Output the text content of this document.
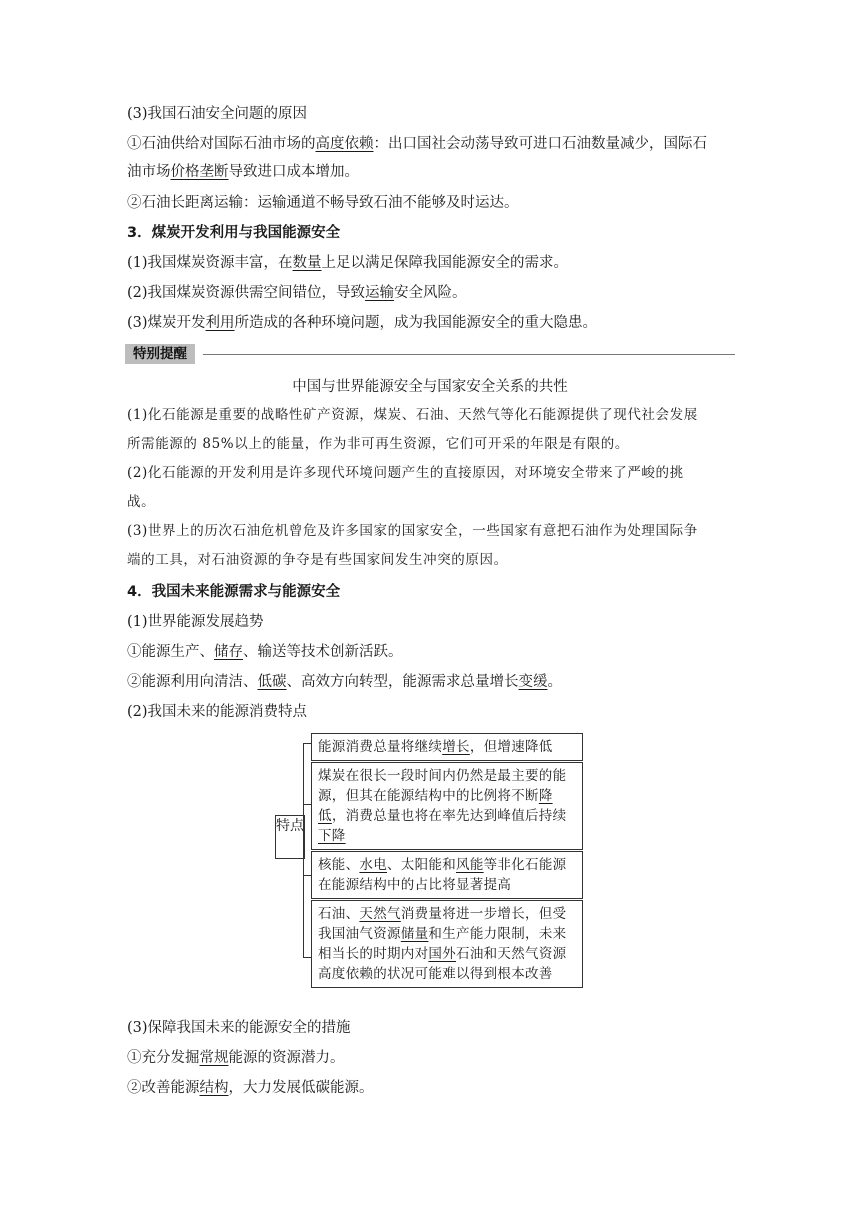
(3)我国石油安全问题的原因
①石油供给对国际石油市场的高度依赖：出口国社会动荡导致可进口石油数量减少，国际石
油市场价格垄断导致进口成本增加。
②石油长距离运输：运输通道不畅导致石油不能够及时运达。
3．煤炭开发利用与我国能源安全
(1)我国煤炭资源丰富，在数量上足以满足保障我国能源安全的需求。
(2)我国煤炭资源供需空间错位，导致运输安全风险。
(3)煤炭开发利用所造成的各种环境问题，成为我国能源安全的重大隐患。
特别提醒
中国与世界能源安全与国家安全关系的共性
(1)化石能源是重要的战略性矿产资源，煤炭、石油、天然气等化石能源提供了现代社会发展
所需能源的 85%以上的能量，作为非可再生资源，它们可开采的年限是有限的。
(2)化石能源的开发利用是许多现代环境问题产生的直接原因，对环境安全带来了严峻的挑
战。
(3)世界上的历次石油危机曾危及许多国家的国家安全，一些国家有意把石油作为处理国际争
端的工具，对石油资源的争夺是有些国家间发生冲突的原因。
4．我国未来能源需求与能源安全
(1)世界能源发展趋势
①能源生产、储存、输送等技术创新活跃。
②能源利用向清洁、低碳、高效方向转型，能源需求总量增长变缓。
(2)我国未来的能源消费特点
特点
能源消费总量将继续增长，但增速降低
煤炭在很长一段时间内仍然是最主要的能源，但其在能源结构中的比例将不断降低，消费总量也将在率先达到峰值后持续下降
核能、水电、太阳能和风能等非化石能源在能源结构中的占比将显著提高
石油、天然气消费量将进一步增长，但受我国油气资源储量和生产能力限制，未来相当长的时期内对国外石油和天然气资源高度依赖的状况可能难以得到根本改善
(3)保障我国未来的能源安全的措施
①充分发掘常规能源的资源潜力。
②改善能源结构，大力发展低碳能源。
